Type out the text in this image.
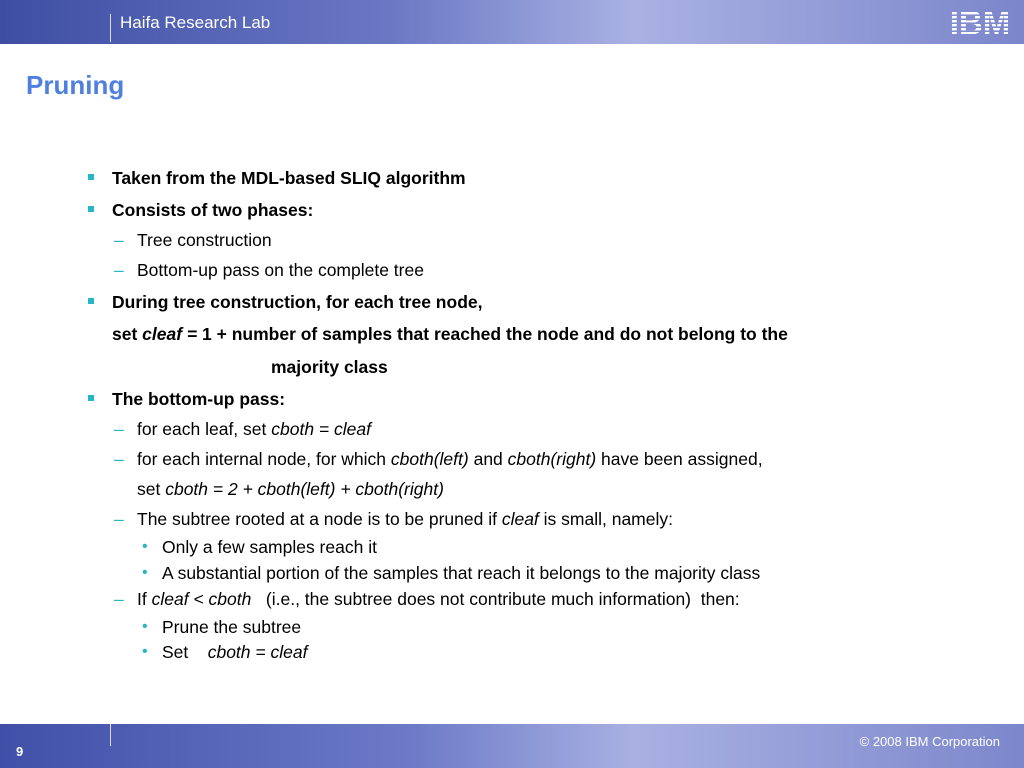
Haifa Research Lab	IBM
Pruning
Taken from the MDL-based SLIQ algorithm
Consists of two phases:
– Tree construction
– Bottom-up pass on the complete tree
During tree construction, for each tree node,
set cleaf = 1 + number of samples that reached the node and do not belong to the
majority class
The bottom-up pass:
– for each leaf, set cboth = cleaf
– for each internal node, for which cboth(left) and cboth(right) have been assigned,
set cboth = 2 + cboth(left) + cboth(right)
– The subtree rooted at a node is to be pruned if cleaf is small, namely:
• Only a few samples reach it
• A substantial portion of the samples that reach it belongs to the majority class
– If cleaf < cboth   (i.e., the subtree does not contribute much information)  then:
• Prune the subtree
• Set    cboth = cleaf
9
© 2008 IBM Corporation
